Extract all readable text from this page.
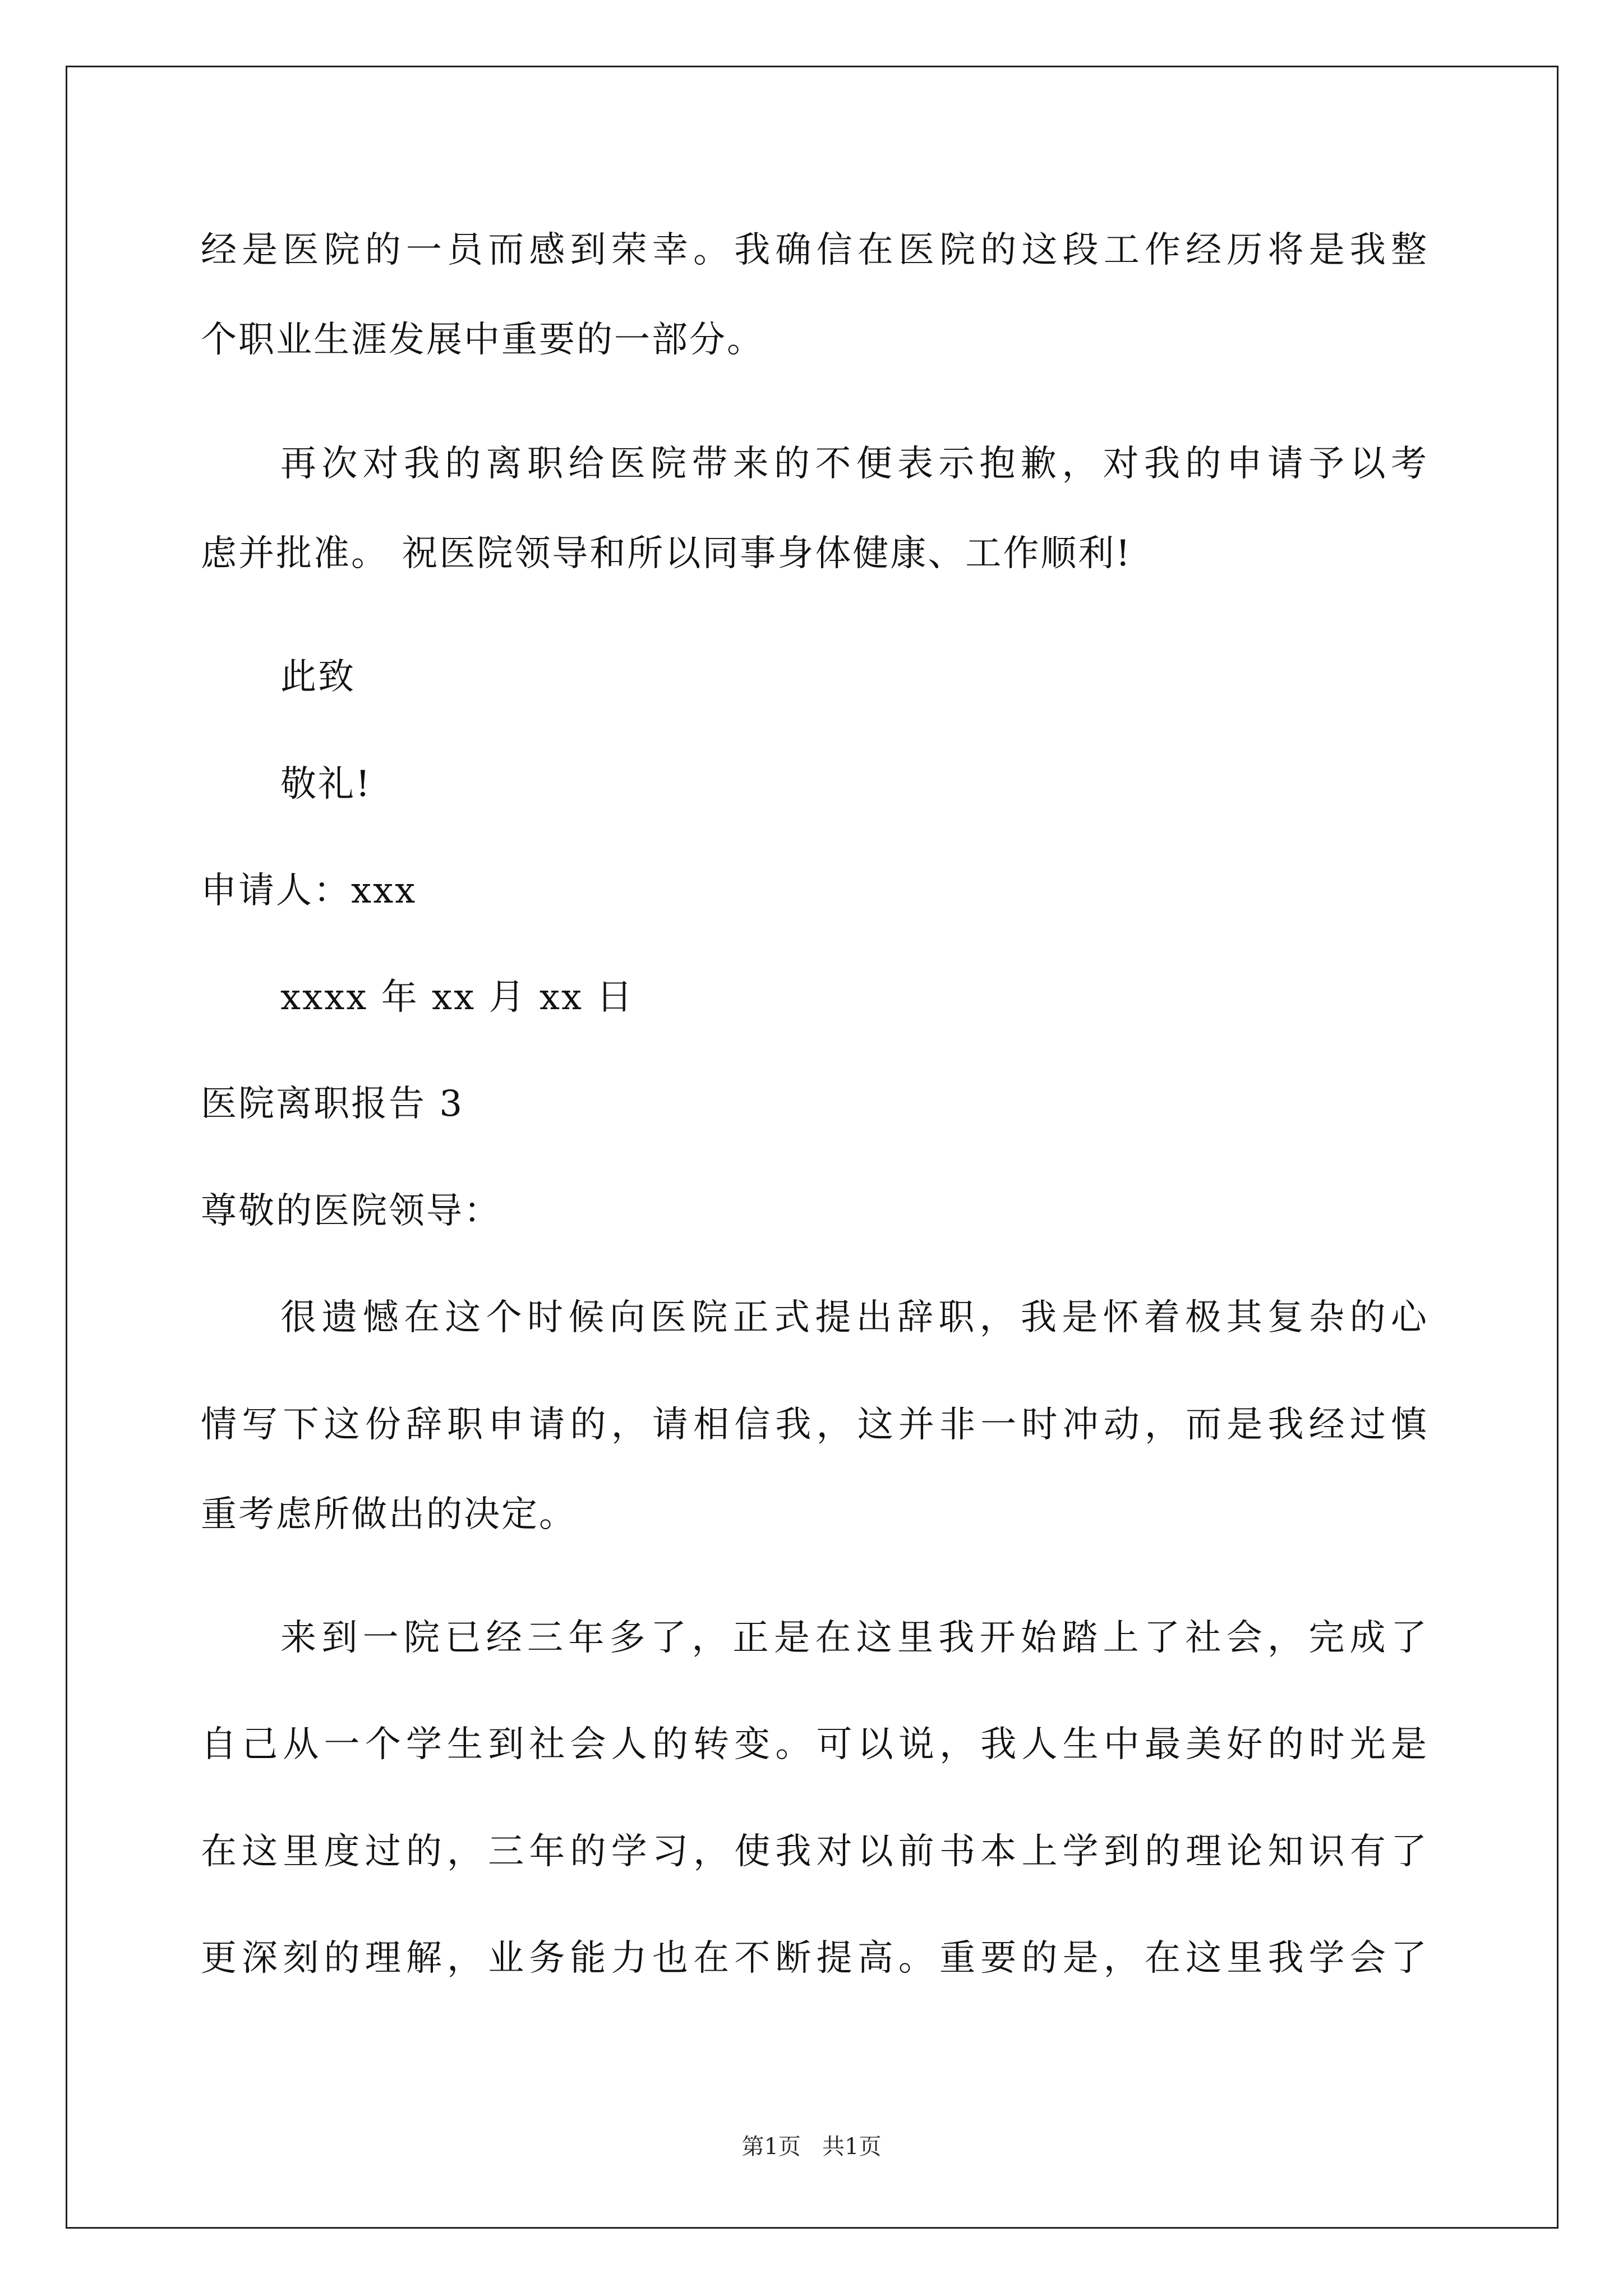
经是医院的一员而感到荣幸。我确信在医院的这段工作经历将是我整
个职业生涯发展中重要的一部分。
再次对我的离职给医院带来的不便表示抱歉，对我的申请予以考
虑并批准。 祝医院领导和所以同事身体健康、工作顺利!
此致
敬礼!
申请人：xxx
xxxx 年 xx 月 xx 日
医院离职报告 3
尊敬的医院领导：
很遗憾在这个时候向医院正式提出辞职，我是怀着极其复杂的心
情写下这份辞职申请的，请相信我，这并非一时冲动，而是我经过慎
重考虑所做出的决定。
来到一院已经三年多了，正是在这里我开始踏上了社会，完成了
自己从一个学生到社会人的转变。可以说，我人生中最美好的时光是
在这里度过的，三年的学习，使我对以前书本上学到的理论知识有了
更深刻的理解，业务能力也在不断提高。重要的是，在这里我学会了
第1页   共1页
